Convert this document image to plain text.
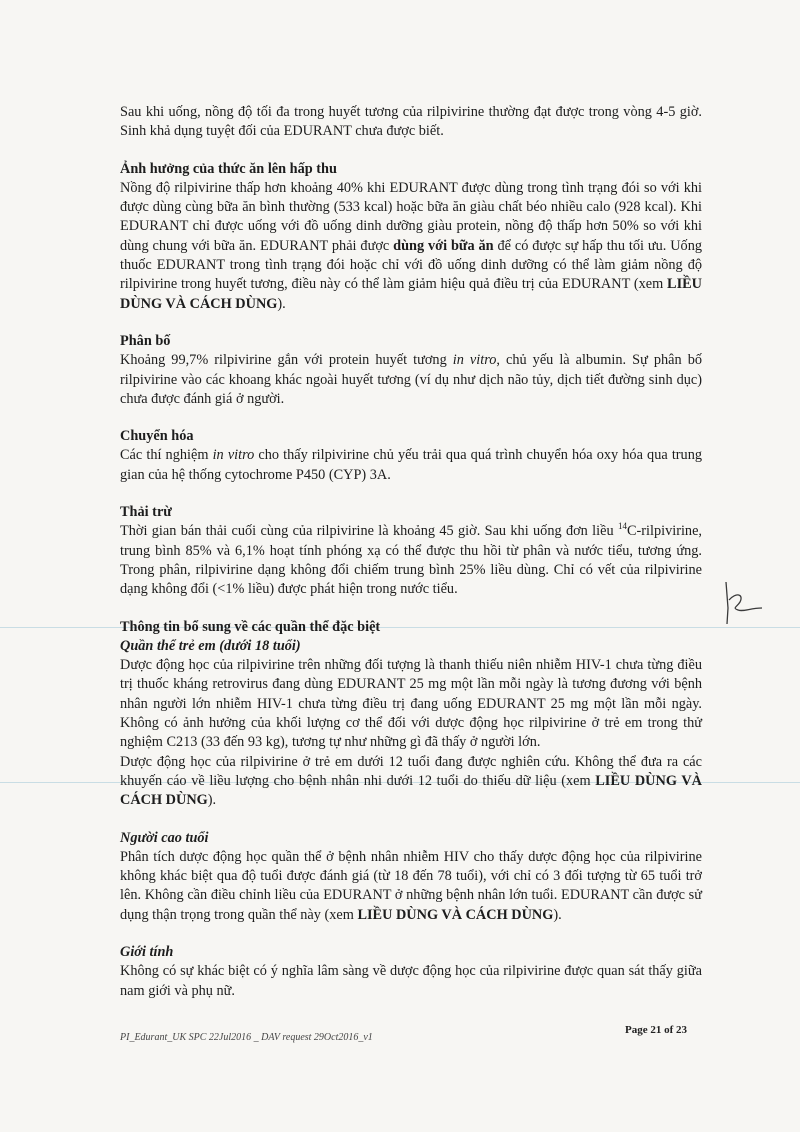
Sau khi uống, nồng độ tối đa trong huyết tương của rilpivirine thường đạt được trong vòng 4-5 giờ. Sinh khả dụng tuyệt đối của EDURANT chưa được biết.

Ảnh hưởng của thức ăn lên hấp thu

Nồng độ rilpivirine thấp hơn khoảng 40% khi EDURANT được dùng trong tình trạng đói so với khi được dùng cùng bữa ăn bình thường (533 kcal) hoặc bữa ăn giàu chất béo nhiều calo (928 kcal). Khi EDURANT chỉ được uống với đồ uống dinh dưỡng giàu protein, nồng độ thấp hơn 50% so với khi dùng chung với bữa ăn. EDURANT phải được dùng với bữa ăn để có được sự hấp thu tối ưu. Uống thuốc EDURANT trong tình trạng đói hoặc chỉ với đồ uống dinh dưỡng có thể làm giảm nồng độ rilpivirine trong huyết tương, điều này có thể làm giảm hiệu quả điều trị của EDURANT (xem LIỀU DÙNG VÀ CÁCH DÙNG).

Phân bố

Khoảng 99,7% rilpivirine gắn với protein huyết tương in vitro, chủ yếu là albumin. Sự phân bố rilpivirine vào các khoang khác ngoài huyết tương (ví dụ như dịch não tủy, dịch tiết đường sinh dục) chưa được đánh giá ở người.

Chuyển hóa

Các thí nghiệm in vitro cho thấy rilpivirine chủ yếu trải qua quá trình chuyển hóa oxy hóa qua trung gian của hệ thống cytochrome P450 (CYP) 3A.

Thải trừ

Thời gian bán thải cuối cùng của rilpivirine là khoảng 45 giờ. Sau khi uống đơn liều $^{14}$C-rilpivirine, trung bình 85% và 6,1% hoạt tính phóng xạ có thể được thu hồi từ phân và nước tiểu, tương ứng. Trong phân, rilpivirine dạng không đổi chiếm trung bình 25% liều dùng. Chỉ có vết của rilpivirine dạng không đổi (<1% liều) được phát hiện trong nước tiểu.

Thông tin bổ sung về các quần thể đặc biệt
Quần thể trẻ em (dưới 18 tuổi)

Dược động học của rilpivirine trên những đối tượng là thanh thiếu niên nhiễm HIV-1 chưa từng điều trị thuốc kháng retrovirus đang dùng EDURANT 25 mg một lần mỗi ngày là tương đương với bệnh nhân người lớn nhiễm HIV-1 chưa từng điều trị đang uống EDURANT 25 mg một lần mỗi ngày. Không có ảnh hưởng của khối lượng cơ thể đối với dược động học rilpivirine ở trẻ em trong thử nghiệm C213 (33 đến 93 kg), tương tự như những gì đã thấy ở người lớn.

Dược động học của rilpivirine ở trẻ em dưới 12 tuổi đang được nghiên cứu. Không thể đưa ra các khuyến cáo về liều lượng cho bệnh nhân nhi dưới 12 tuổi do thiếu dữ liệu (xem LIỀU DÙNG VÀ CÁCH DÙNG).

Người cao tuổi

Phân tích dược động học quần thể ở bệnh nhân nhiễm HIV cho thấy dược động học của rilpivirine không khác biệt qua độ tuổi được đánh giá (từ 18 đến 78 tuổi), với chỉ có 3 đối tượng từ 65 tuổi trở lên. Không cần điều chỉnh liều của EDURANT ở những bệnh nhân lớn tuổi. EDURANT cần được sử dụng thận trọng trong quần thể này (xem LIỀU DÙNG VÀ CÁCH DÙNG).

Giới tính

Không có sự khác biệt có ý nghĩa lâm sàng về dược động học của rilpivirine được quan sát thấy giữa nam giới và phụ nữ.

PI_Edurant_UK SPC 22Jul2016 _ DAV request 29Oct2016_v1
Page 21 of 23
